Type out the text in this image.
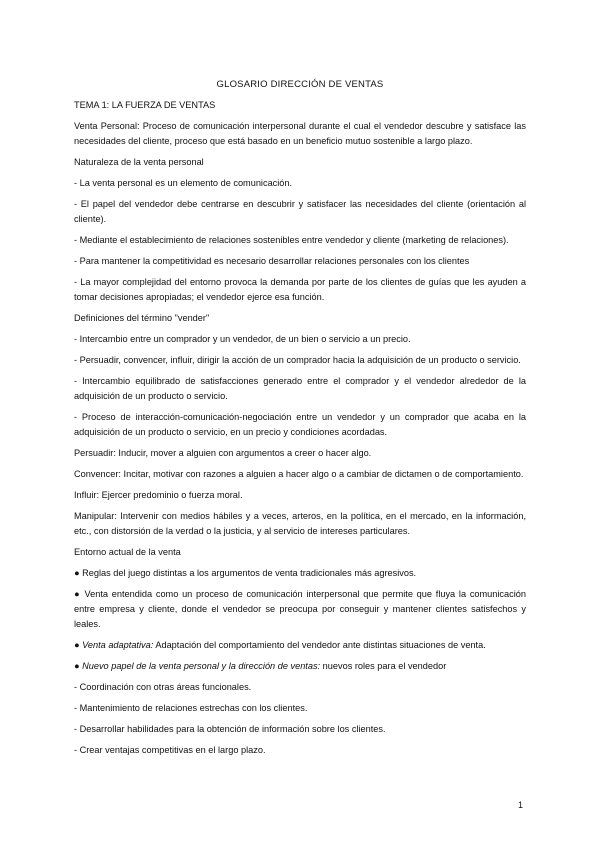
GLOSARIO DIRECCIÓN DE VENTAS
TEMA 1: LA FUERZA DE VENTAS
Venta Personal: Proceso de comunicación interpersonal durante el cual el vendedor descubre y satisface las necesidades del cliente, proceso que está basado en un beneficio mutuo sostenible a largo plazo.
Naturaleza de la venta personal
- La venta personal es un elemento de comunicación.
- El papel del vendedor debe centrarse en descubrir y satisfacer las necesidades del cliente (orientación al cliente).
- Mediante el establecimiento de relaciones sostenibles entre vendedor y cliente (marketing de relaciones).
- Para mantener la competitividad es necesario desarrollar relaciones personales con los clientes
- La mayor complejidad del entorno provoca la demanda por parte de los clientes de guías que les ayuden a tomar decisiones apropiadas; el vendedor ejerce esa función.
Definiciones del término "vender"
- Intercambio entre un comprador y un vendedor, de un bien o servicio a un precio.
- Persuadir, convencer, influir, dirigir la acción de un comprador hacia la adquisición de un producto o servicio.
- Intercambio equilibrado de satisfacciones generado entre el comprador y el vendedor alrededor de la adquisición de un producto o servicio.
- Proceso de interacción-comunicación-negociación entre un vendedor y un comprador que acaba en la adquisición de un producto o servicio, en un precio y condiciones acordadas.
Persuadir: Inducir, mover a alguien con argumentos a creer o hacer algo.
Convencer: Incitar, motivar con razones a alguien a hacer algo o a cambiar de dictamen o de comportamiento.
Influir: Ejercer predominio o fuerza moral.
Manipular: Intervenir con medios hábiles y a veces, arteros, en la política, en el mercado, en la información, etc., con distorsión de la verdad o la justicia, y al servicio de intereses particulares.
Entorno actual de la venta
● Reglas del juego distintas a los argumentos de venta tradicionales más agresivos.
● Venta entendida como un proceso de comunicación interpersonal que permite que fluya la comunicación entre empresa y cliente, donde el vendedor se preocupa por conseguir y mantener clientes satisfechos y leales.
● Venta adaptativa: Adaptación del comportamiento del vendedor ante distintas situaciones de venta.
● Nuevo papel de la venta personal y la dirección de ventas: nuevos roles para el vendedor
- Coordinación con otras áreas funcionales.
- Mantenimiento de relaciones estrechas con los clientes.
- Desarrollar habilidades para la obtención de información sobre los clientes.
- Crear ventajas competitivas en el largo plazo.
1
